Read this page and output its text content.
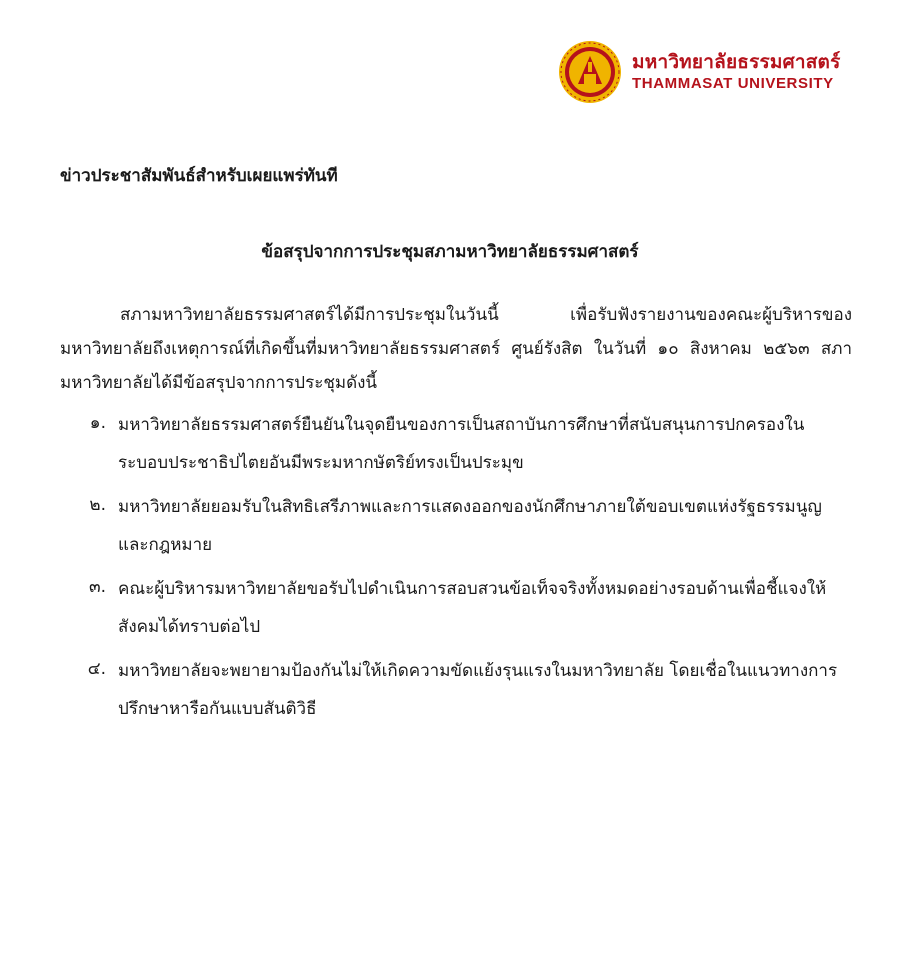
มหาวิทยาลัยธรรมศาสตร์
THAMMASAT UNIVERSITY
ข่าวประชาสัมพันธ์สำหรับเผยแพร่ทันที
ข้อสรุปจากการประชุมสภามหาวิทยาลัยธรรมศาสตร์

สภามหาวิทยาลัยธรรมศาสตร์ได้มีการประชุมในวันนี้ เพื่อรับฟังรายงานของคณะผู้บริหารของมหาวิทยาลัยถึงเหตุการณ์ที่เกิดขึ้นที่มหาวิทยาลัยธรรมศาสตร์ ศูนย์รังสิต ในวันที่ ๑๐ สิงหาคม ๒๕๖๓ สภามหาวิทยาลัยได้มีข้อสรุปจากการประชุมดังนี้

๑. มหาวิทยาลัยธรรมศาสตร์ยืนยันในจุดยืนของการเป็นสถาบันการศึกษาที่สนับสนุนการปกครองในระบอบประชาธิปไตยอันมีพระมหากษัตริย์ทรงเป็นประมุข
๒. มหาวิทยาลัยยอมรับในสิทธิเสรีภาพและการแสดงออกของนักศึกษาภายใต้ขอบเขตแห่งรัฐธรรมนูญและกฎหมาย
๓. คณะผู้บริหารมหาวิทยาลัยขอรับไปดำเนินการสอบสวนข้อเท็จจริงทั้งหมดอย่างรอบด้านเพื่อชี้แจงให้สังคมได้ทราบต่อไป
๔. มหาวิทยาลัยจะพยายามป้องกันไม่ให้เกิดความขัดแย้งรุนแรงในมหาวิทยาลัย โดยเชื่อในแนวทางการปรึกษาหารือกันแบบสันติวิธี
